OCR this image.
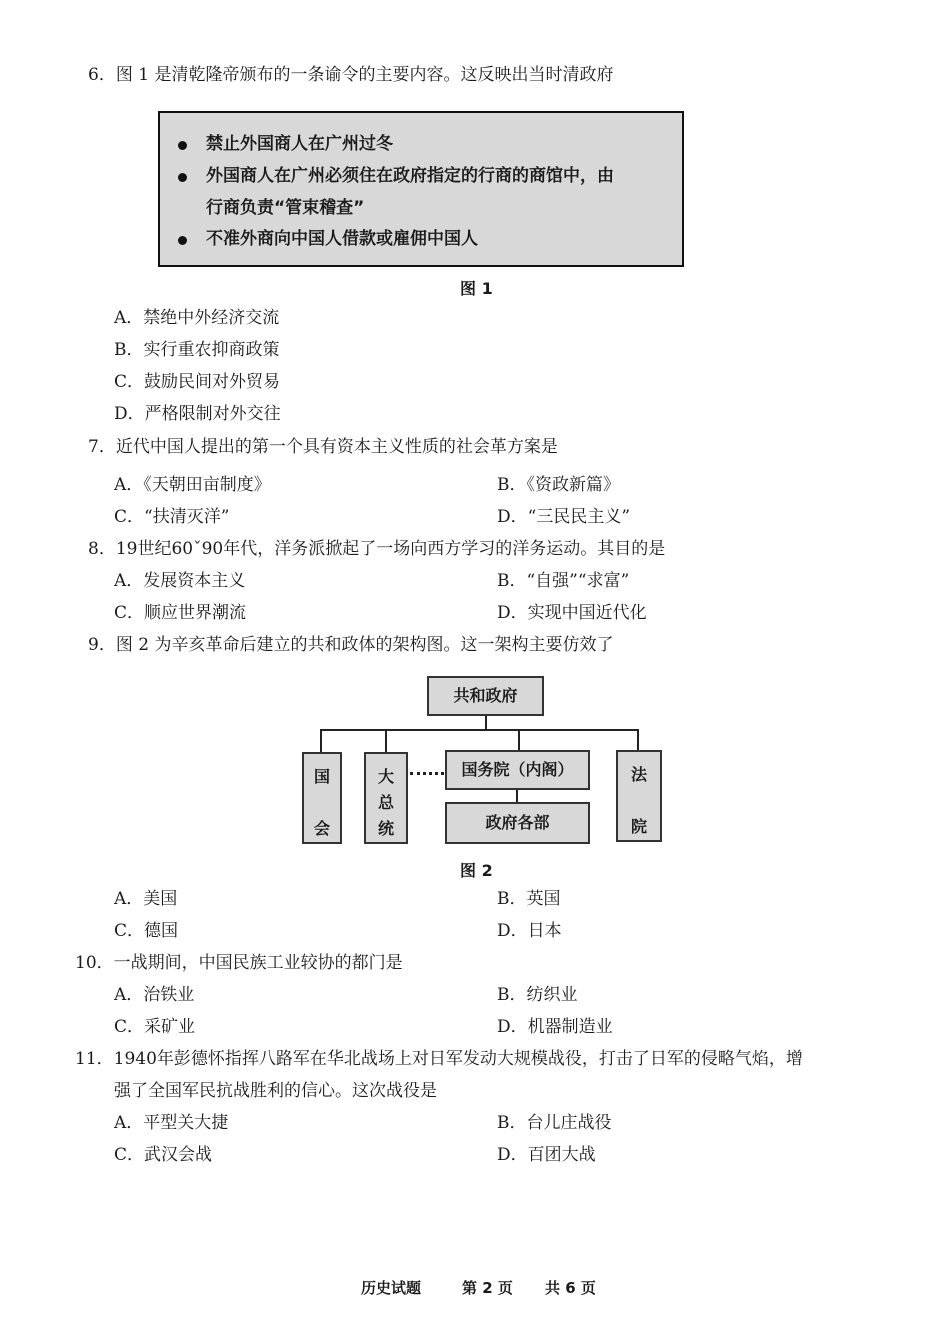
6．图 1 是清乾隆帝颁布的一条谕令的主要内容。这反映出当时清政府
禁止外国商人在广州过冬
外国商人在广州必须住在政府指定的行商的商馆中，由
行商负责“管束稽查”
不准外商向中国人借款或雇佣中国人
图 1
A．禁绝中外经济交流
B．实行重农抑商政策
C．鼓励民间对外贸易
D．严格限制对外交往
7．近代中国人提出的第一个具有资本主义性质的社会革方案是
A．《天朝田亩制度》	B．《资政新篇》
C．“扶清灭洋”	D．“三民民主义”
8．19世纪60ˇ90年代，洋务派掀起了一场向西方学习的洋务运动。其目的是
A．发展资本主义	B．“自强”“求富”
C．顺应世界潮流	D．实现中国近代化
9．图 2 为辛亥革命后建立的共和政体的架构图。这一架构主要仿效了
共和政府
国
会
大
总
统
国务院（内阁）
政府各部
法
院
图 2
A．美国	B．英国
C．德国	D．日本
10．一战期间，中国民族工业较协的都门是
A．治铁业	B．纺织业
C．采矿业	D．机器制造业
11．1940年彭德怀指挥八路军在华北战场上对日军发动大规模战役，打击了日军的侵略气焰，增
强了全国军民抗战胜利的信心。这次战役是
A．平型关大捷	B．台儿庄战役
C．武汉会战	D．百团大战
历史试题	第 2 页 共 6 页
